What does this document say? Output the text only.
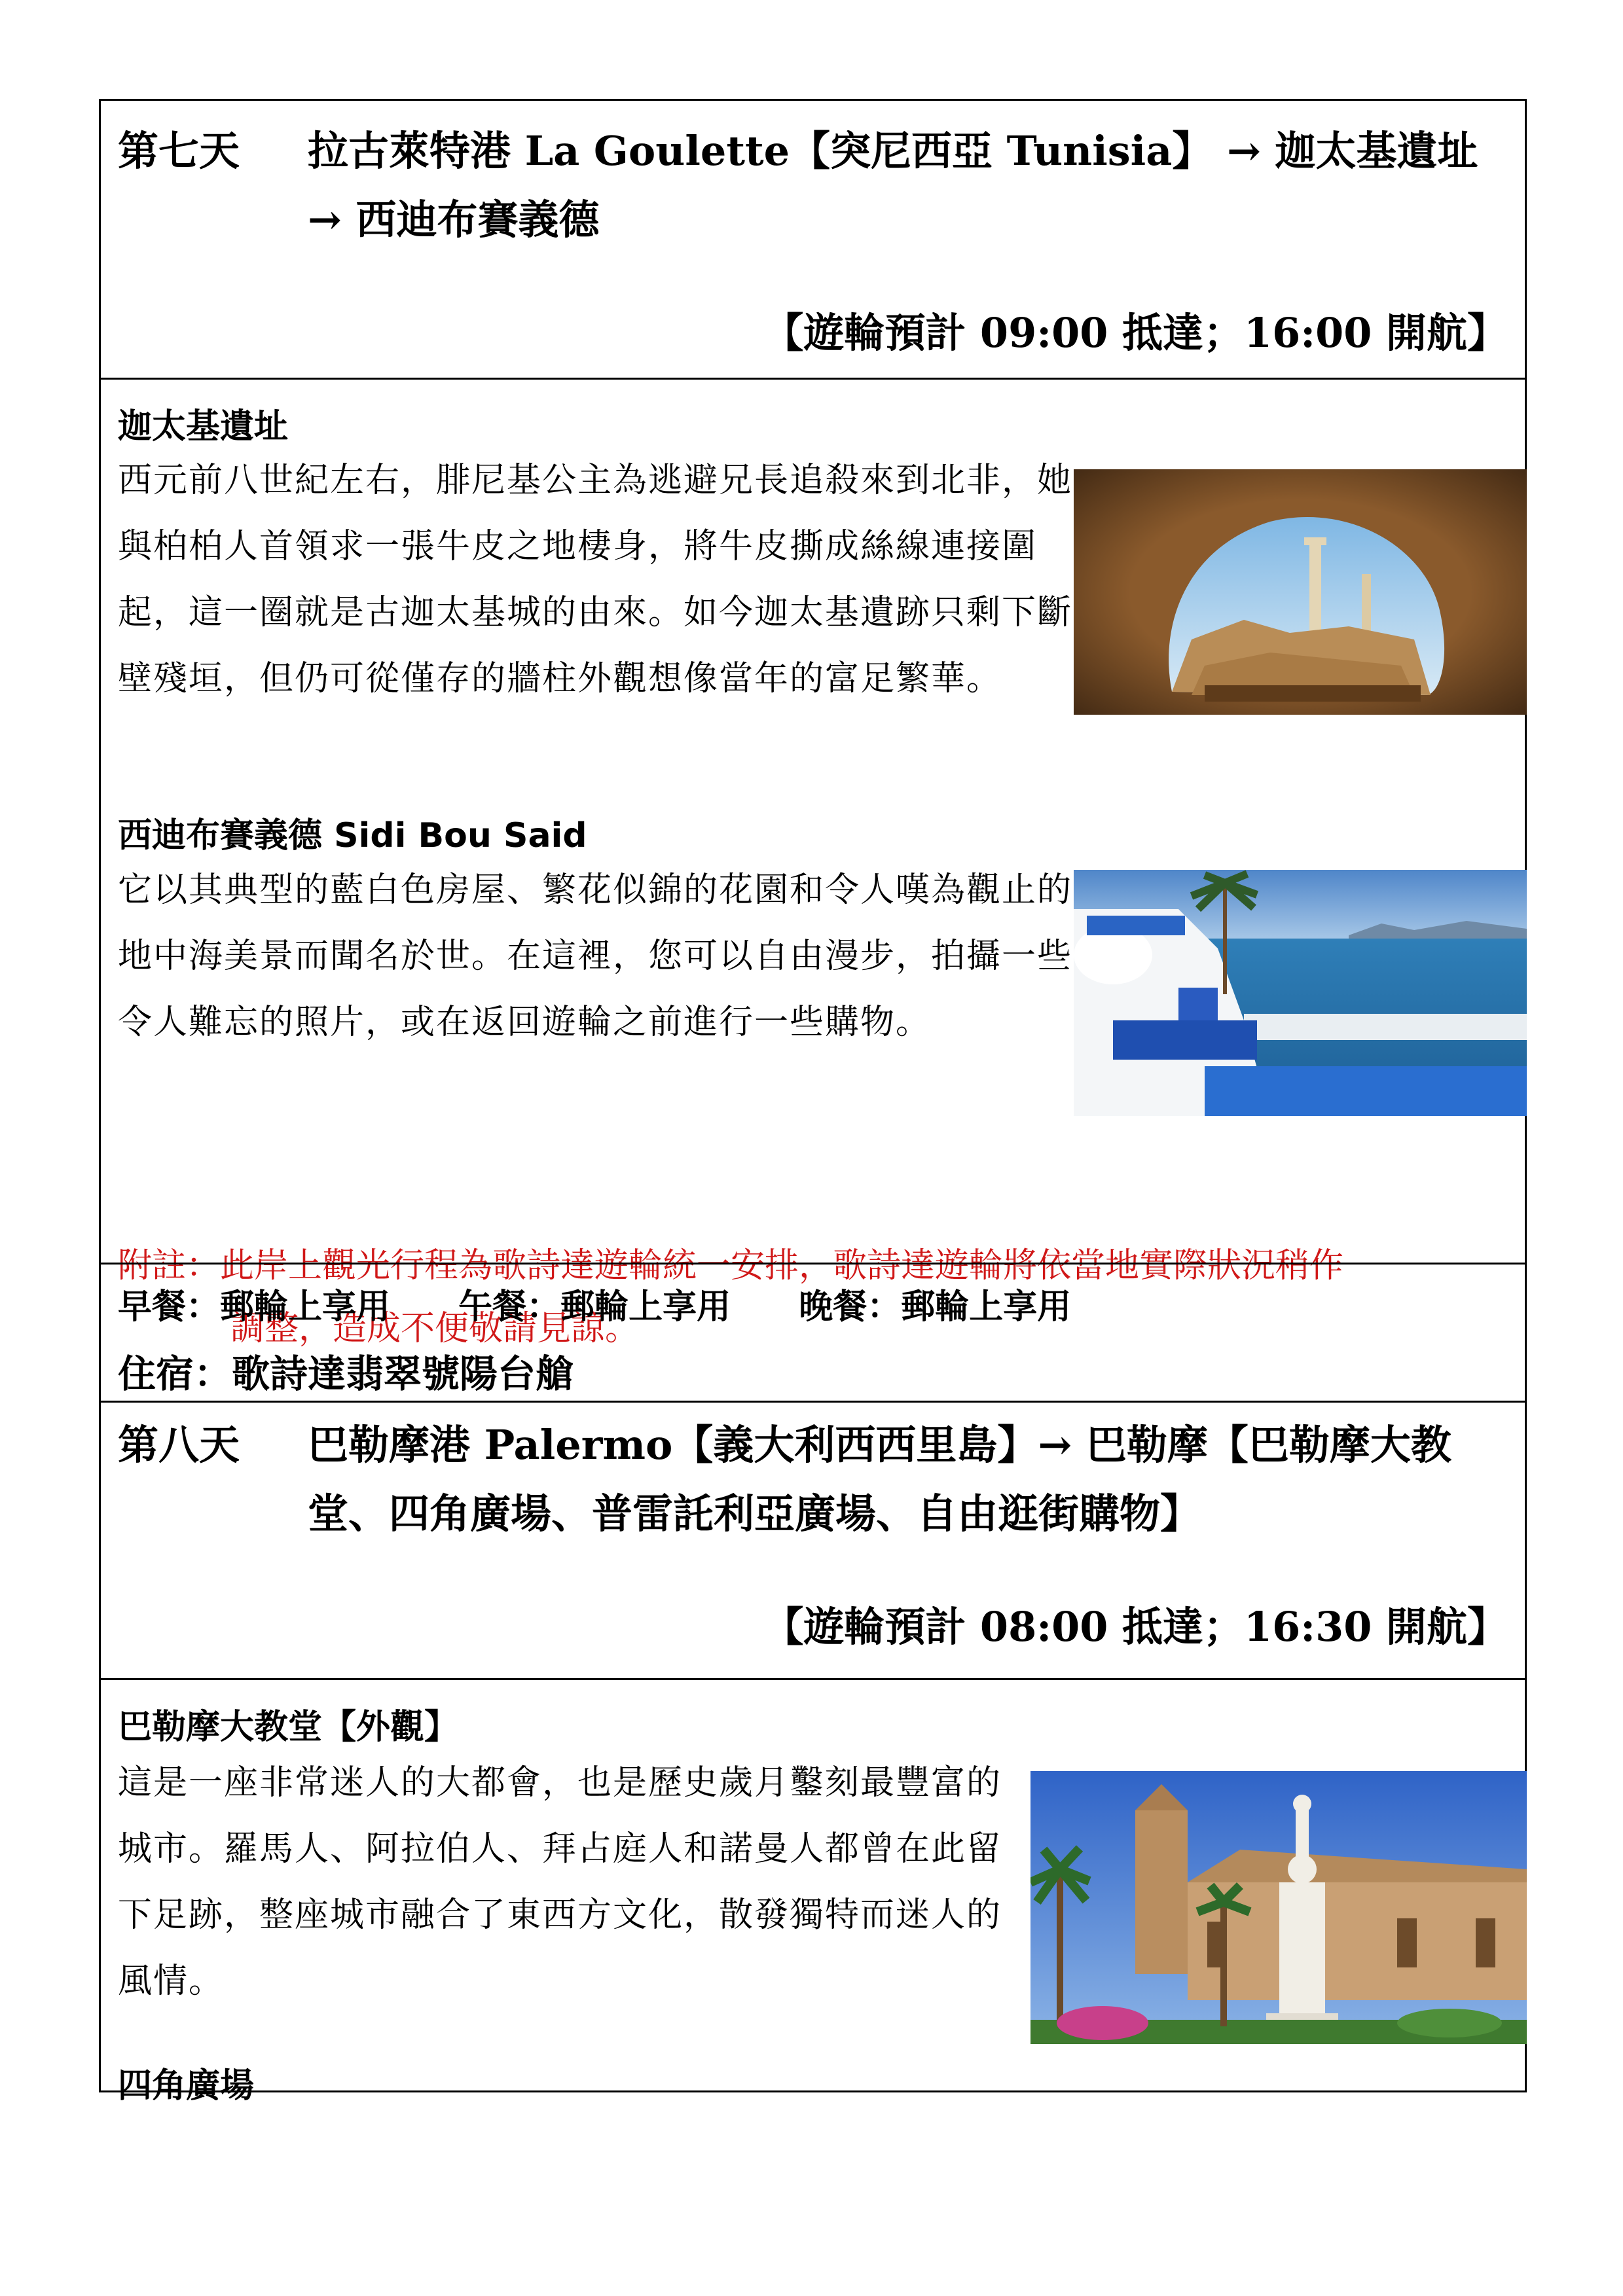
第七天 拉古萊特港 La Goulette【突尼西亞 Tunisia】 → 迦太基遺址
→ 西迪布賽義德
【遊輪預計 09:00 抵達；16:00 開航】
迦太基遺址
西元前八世紀左右，腓尼基公主為逃避兄長追殺來到北非，她與柏柏人首領求一張牛皮之地棲身，將牛皮撕成絲線連接圍起，這一圈就是古迦太基城的由來。如今迦太基遺跡只剩下斷壁殘垣，但仍可從僅存的牆柱外觀想像當年的富足繁華。
西迪布賽義德 Sidi Bou Said
它以其典型的藍白色房屋、繁花似錦的花園和令人嘆為觀止的地中海美景而聞名於世。在這裡，您可以自由漫步，拍攝一些令人難忘的照片，或在返回遊輪之前進行一些購物。
附註：此岸上觀光行程為歌詩達遊輪統一安排，歌詩達遊輪將依當地實際狀況稍作
調整，造成不便敬請見諒。
早餐：郵輪上享用 午餐：郵輪上享用 晚餐：郵輪上享用
住宿：歌詩達翡翠號陽台艙
第八天 巴勒摩港 Palermo【義大利西西里島】→ 巴勒摩【巴勒摩大教
堂、四角廣場、普雷託利亞廣場、自由逛街購物】
【遊輪預計 08:00 抵達；16:30 開航】
巴勒摩大教堂【外觀】
這是一座非常迷人的大都會，也是歷史歲月鑿刻最豐富的城市。羅馬人、阿拉伯人、拜占庭人和諾曼人都曾在此留下足跡，整座城市融合了東西方文化，散發獨特而迷人的風情。
四角廣場
